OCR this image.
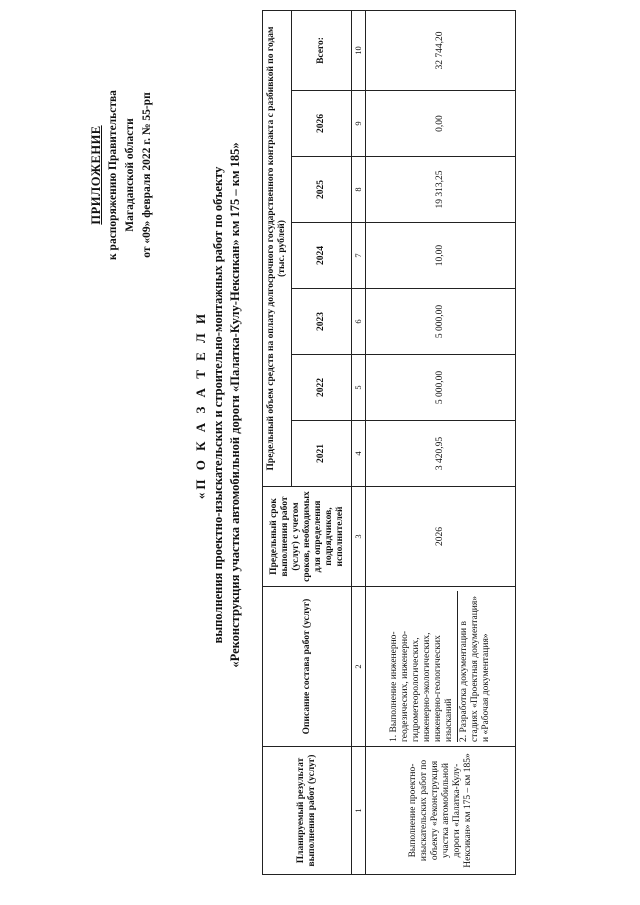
ПРИЛОЖЕНИЕ к распоряжению Правительства Магаданской области от «09» февраля 2022 г. № 55-рп
«П О К А З А Т Е Л И выполнения проектно-изыскательских и строительно-монтажных работ по объекту «Реконструкция участка автомобильной дороги «Палатка-Кулу-Нексикан» км 175 – км 185»
Планируемый результат выполнения работ (услуг)	Описание состава работ (услуг)	Предельный срок выполнения работ (услуг) с учетом сроков, необходимых для определения подрядчиков, исполнителей	Предельный объем средств на оплату долгосрочного государственного контракта с разбивкой по годам (тыс. рублей)						
			2021	2022	2023	2024	2025	2026	Всего:
1	2	3	4	5	6	7	8	9	10
Выполнение проектно-изыскательских работ по объекту «Реконструкция участка автомобильной дороги «Палатка-Кулу-Нексикан» км 175 – км 185»	1. Выполнение инженерно-геодезических, инженерно-гидрометеорологических, инженерно-экологических, инженерно-геологических изысканий 2. Разработка документации в стадиях «Проектная документация» и «Рабочая документация»	2026	3 420,95	5 000,00	5 000,00	10,00	19 313,25	0,00	32 744,20
